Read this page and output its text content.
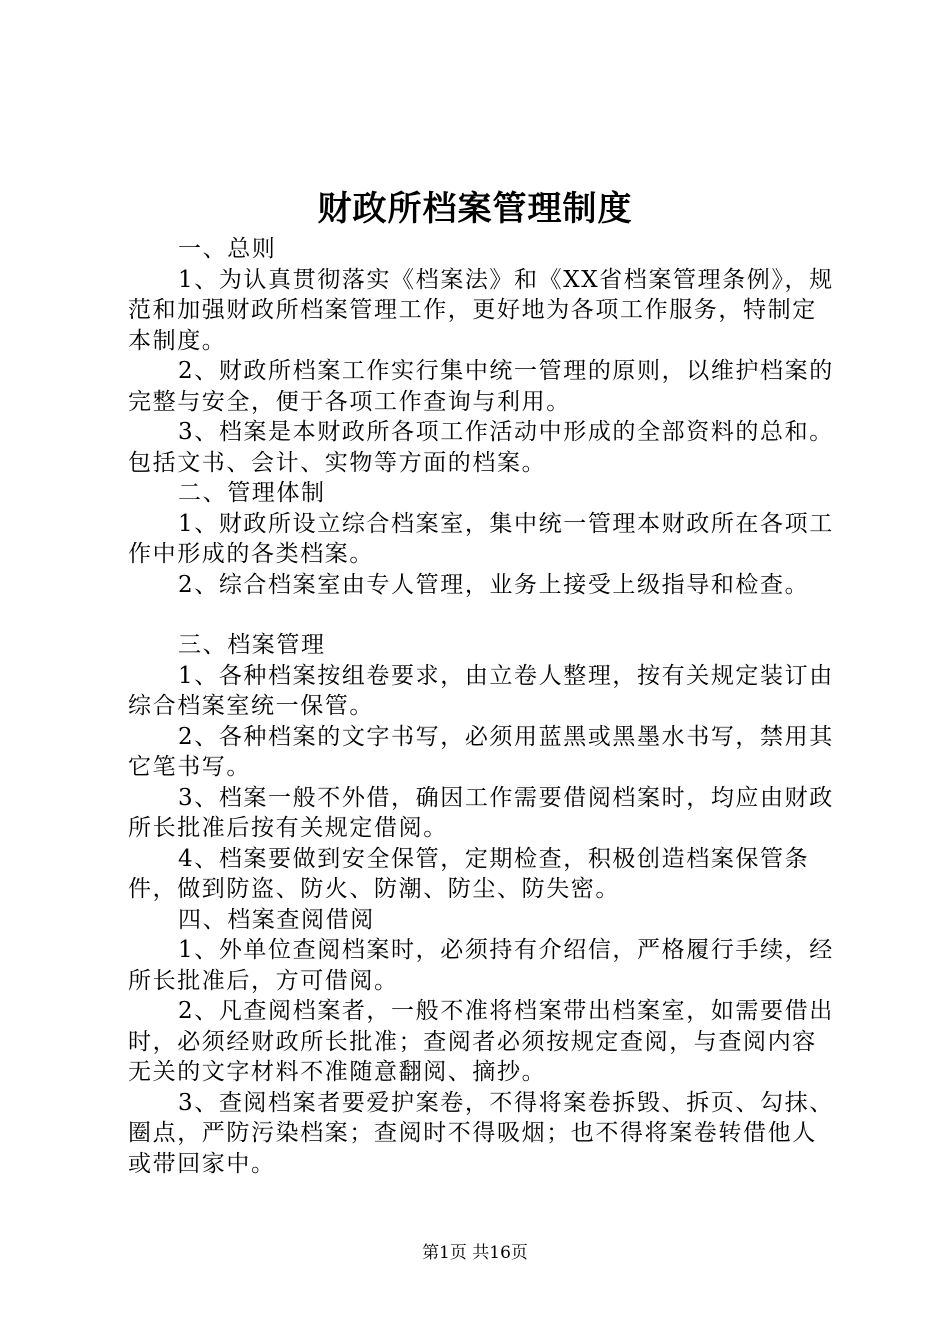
财政所档案管理制度

一、总则

1、为认真贯彻落实《档案法》和《XX省档案管理条例》，规范和加强财政所档案管理工作，更好地为各项工作服务，特制定本制度。

2、财政所档案工作实行集中统一管理的原则，以维护档案的完整与安全，便于各项工作查询与利用。

3、档案是本财政所各项工作活动中形成的全部资料的总和。包括文书、会计、实物等方面的档案。

二、管理体制

1、财政所设立综合档案室，集中统一管理本财政所在各项工作中形成的各类档案。

2、综合档案室由专人管理，业务上接受上级指导和检查。

三、档案管理

1、各种档案按组卷要求，由立卷人整理，按有关规定装订由综合档案室统一保管。

2、各种档案的文字书写，必须用蓝黑或黑墨水书写，禁用其它笔书写。

3、档案一般不外借，确因工作需要借阅档案时，均应由财政所长批准后按有关规定借阅。

4、档案要做到安全保管，定期检查，积极创造档案保管条件，做到防盗、防火、防潮、防尘、防失密。

四、档案查阅借阅

1、外单位查阅档案时，必须持有介绍信，严格履行手续，经所长批准后，方可借阅。

2、凡查阅档案者，一般不准将档案带出档案室，如需要借出时，必须经财政所长批准；查阅者必须按规定查阅，与查阅内容无关的文字材料不准随意翻阅、摘抄。

3、查阅档案者要爱护案卷，不得将案卷拆毁、拆页、勾抹、圈点，严防污染档案；查阅时不得吸烟；也不得将案卷转借他人或带回家中。

第1页 共16页
